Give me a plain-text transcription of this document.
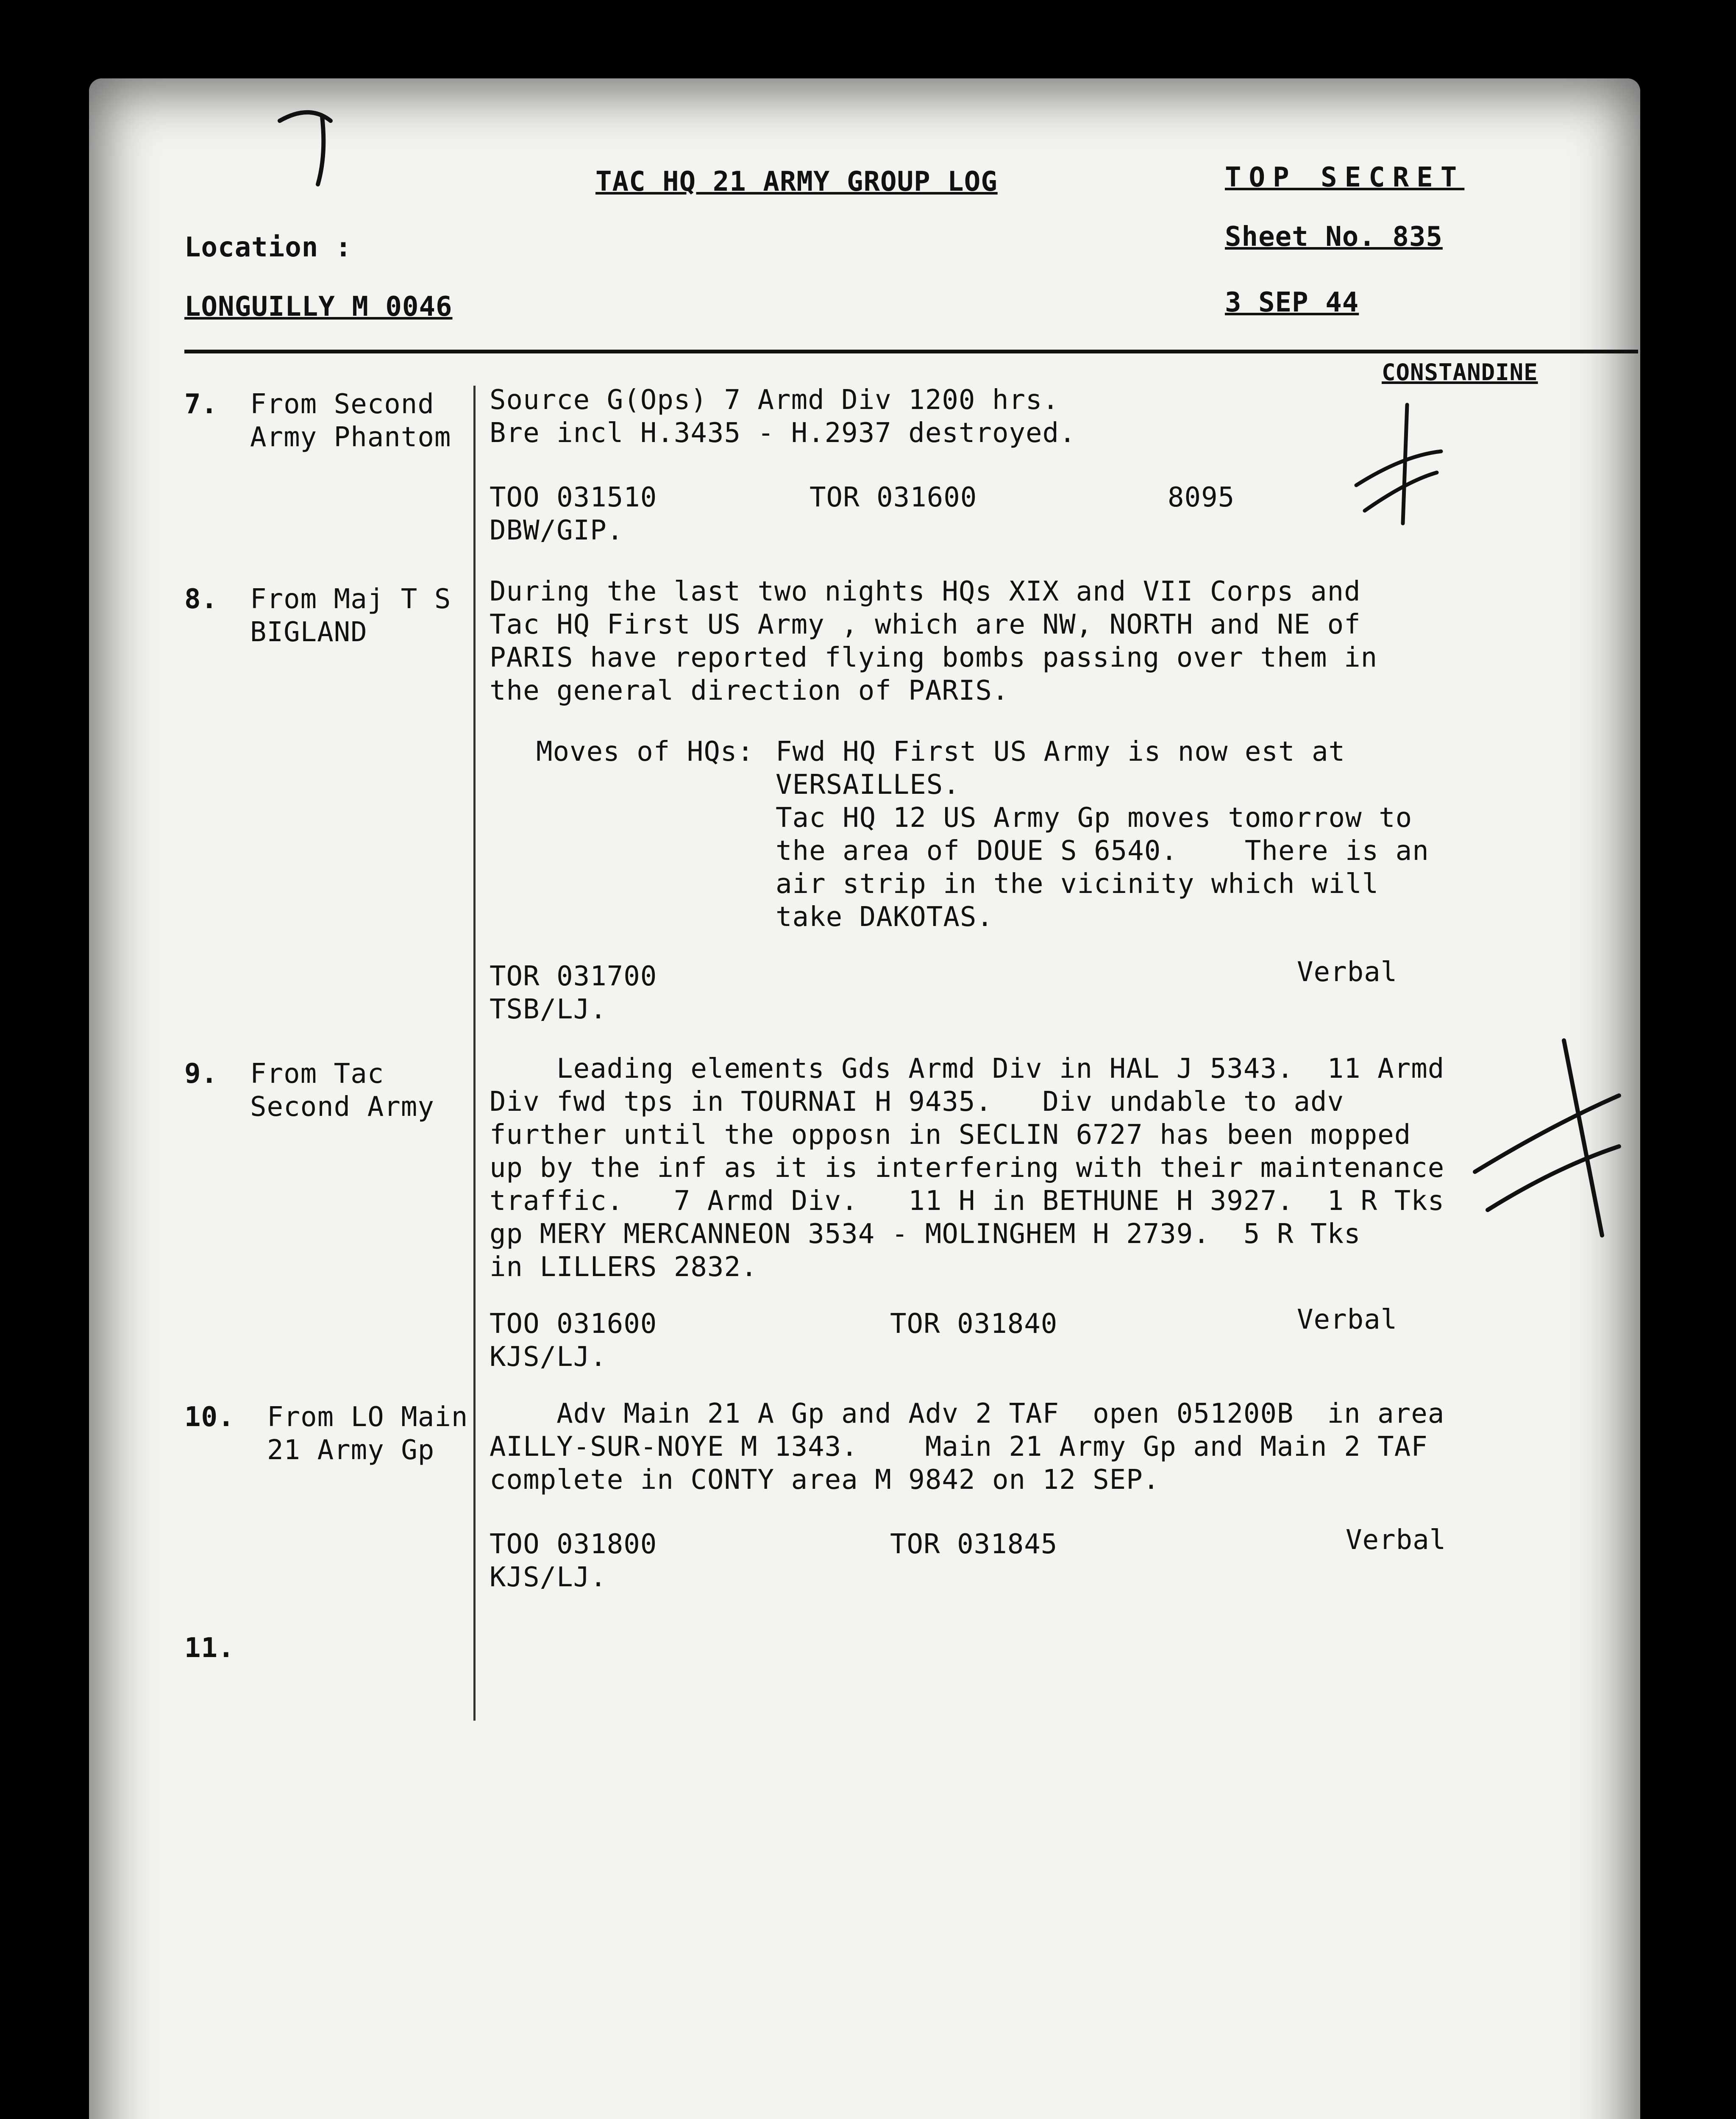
TAC HQ 21 ARMY GROUP LOG	TOP SECRET
Location :	Sheet No. 835
LONGUILLY M 0046	3 SEP 44
CONSTANDINE
7. From Second
Army Phantom
Source G(Ops) 7 Armd Div 1200 hrs.
Bre incl H.3435 - H.2937 destroyed.
TOO 031510	TOR 031600	8095
DBW/GIP.
8. From Maj T S
BIGLAND
During the last two nights HQs XIX and VII Corps and
Tac HQ First US Army , which are NW, NORTH and NE of
PARIS have reported flying bombs passing over them in
the general direction of PARIS.
Moves of HQs: Fwd HQ First US Army is now est at
VERSAILLES.
Tac HQ 12 US Army Gp moves tomorrow to
the area of DOUE S 6540.    There is an
air strip in the vicinity which will
take DAKOTAS.
TOR 031700	Verbal
TSB/LJ.
9. From Tac
Second Army
Leading elements Gds Armd Div in HAL J 5343.  11 Armd
Div fwd tps in TOURNAI H 9435.   Div undable to adv
further until the opposn in SECLIN 6727 has been mopped
up by the inf as it is interfering with their maintenance
traffic.   7 Armd Div.   11 H in BETHUNE H 3927.  1 R Tks
gp MERY MERCANNEON 3534 - MOLINGHEM H 2739.  5 R Tks
in LILLERS 2832.
TOO 031600	TOR 031840	Verbal
KJS/LJ.
10. From LO Main
21 Army Gp
Adv Main 21 A Gp and Adv 2 TAF  open 051200B  in area
AILLY-SUR-NOYE M 1343.    Main 21 Army Gp and Main 2 TAF
complete in CONTY area M 9842 on 12 SEP.
TOO 031800	TOR 031845	Verbal
KJS/LJ.
11.
